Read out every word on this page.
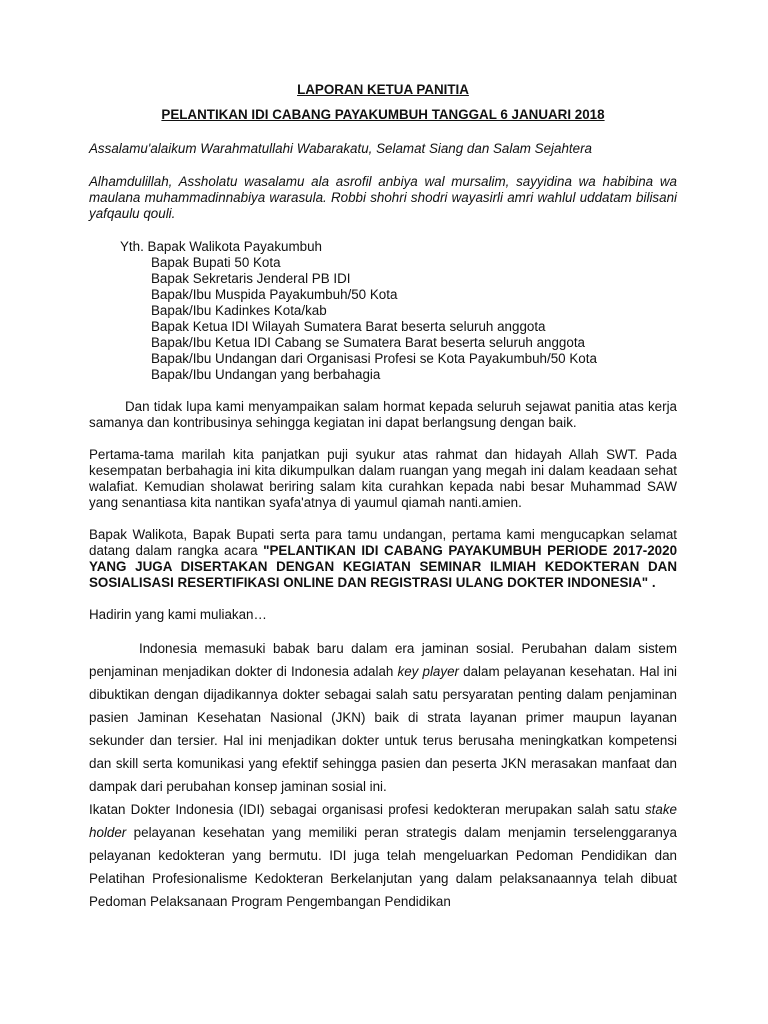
LAPORAN KETUA PANITIA

PELANTIKAN IDI CABANG PAYAKUMBUH TANGGAL 6 JANUARI 2018

Assalamu'alaikum Warahmatullahi Wabarakatu, Selamat Siang dan Salam Sejahtera

Alhamdulillah, Assholatu wasalamu ala asrofil anbiya wal mursalim, sayyidina wa habibina wa maulana muhammadinnabiya warasula. Robbi shohri shodri wayasirli amri wahlul uddatam bilisani yafqaulu qouli.

Yth. Bapak Walikota Payakumbuh
Bapak Bupati 50 Kota
Bapak Sekretaris Jenderal PB IDI
Bapak/Ibu Muspida Payakumbuh/50 Kota
Bapak/Ibu Kadinkes Kota/kab
Bapak Ketua IDI Wilayah Sumatera Barat beserta seluruh anggota
Bapak/Ibu Ketua IDI Cabang se Sumatera Barat beserta seluruh anggota
Bapak/Ibu Undangan dari Organisasi Profesi se Kota Payakumbuh/50 Kota
Bapak/Ibu Undangan yang berbahagia

Dan tidak lupa kami menyampaikan salam hormat kepada seluruh sejawat panitia atas kerja samanya dan kontribusinya sehingga kegiatan ini dapat berlangsung dengan baik.

Pertama-tama marilah kita panjatkan puji syukur atas rahmat dan hidayah Allah SWT. Pada kesempatan berbahagia ini kita dikumpulkan dalam ruangan yang megah ini dalam keadaan sehat walafiat. Kemudian sholawat beriring salam kita curahkan kepada nabi besar Muhammad SAW yang senantiasa kita nantikan syafa'atnya di yaumul qiamah nanti.amien.

Bapak Walikota, Bapak Bupati serta para tamu undangan, pertama kami mengucapkan selamat datang dalam rangka acara "PELANTIKAN IDI CABANG PAYAKUMBUH PERIODE 2017-2020 YANG JUGA DISERTAKAN DENGAN KEGIATAN SEMINAR ILMIAH KEDOKTERAN DAN SOSIALISASI RESERTIFIKASI ONLINE DAN REGISTRASI ULANG DOKTER INDONESIA" .

Hadirin yang kami muliakan…

Indonesia memasuki babak baru dalam era jaminan sosial. Perubahan dalam sistem penjaminan menjadikan dokter di Indonesia adalah key player dalam pelayanan kesehatan. Hal ini dibuktikan dengan dijadikannya dokter sebagai salah satu persyaratan penting dalam penjaminan pasien Jaminan Kesehatan Nasional (JKN) baik di strata layanan primer maupun layanan sekunder dan tersier. Hal ini menjadikan dokter untuk terus berusaha meningkatkan kompetensi dan skill serta komunikasi yang efektif sehingga pasien dan peserta JKN merasakan manfaat dan dampak dari perubahan konsep jaminan sosial ini.

Ikatan Dokter Indonesia (IDI) sebagai organisasi profesi kedokteran merupakan salah satu stake holder pelayanan kesehatan yang memiliki peran strategis dalam menjamin terselenggaranya pelayanan kedokteran yang bermutu. IDI juga telah mengeluarkan Pedoman Pendidikan dan Pelatihan Profesionalisme Kedokteran Berkelanjutan yang dalam pelaksanaannya telah dibuat Pedoman Pelaksanaan Program Pengembangan Pendidikan
